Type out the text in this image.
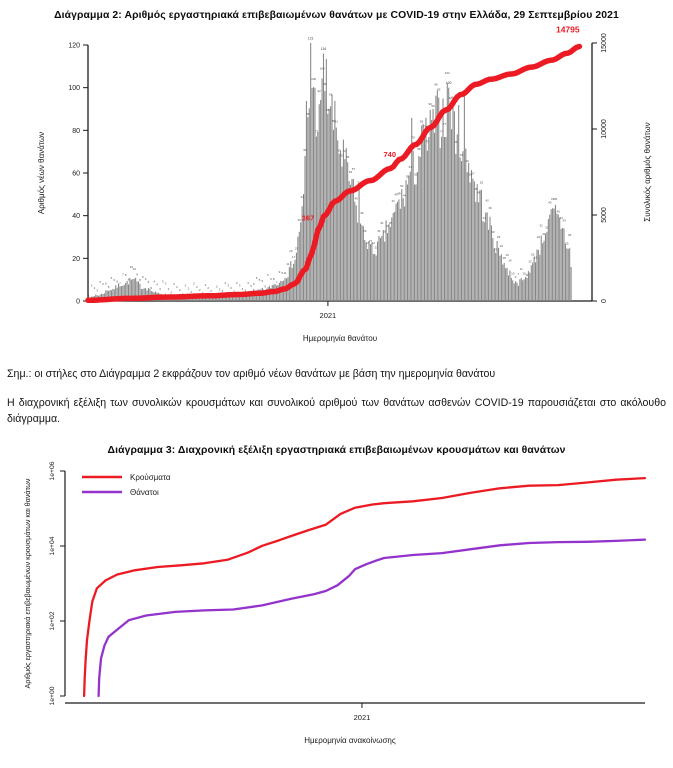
Διάγραμμα 2: Αριθμός εργαστηριακά επιβεβαιωμένων θανάτων με COVID-19 στην Ελλάδα, 29 Σεπτεμβρίου 2021
0
20
40
60
80
100
120
Αριθμός νέων θανάτων
2021
Ημερομηνία θανάτου
0
5000
10000
15000
Συνολικός αριθμός θανάτων
1
2
2
3
3
3 5
5
5 6 6 7
7 8
8
10 10
9
8
6
6
6
5
4
4
3
3 3
2
2
2
2
2
2
2
2
2
2
2
2
2
2
2
2
2
2
2 2
2
3
3
2
3
3
3 3
3
3 6
5 5 6
5
6
6 8
7
9 9 11
11
19
17
23
32
44
68
86
121
100
77
92
104
116
98
88
91
80 81
69
63
67
65
54
57
45
54
36
29
24 27 22
21
31
31
28
32
35
41
46 48
52
44
55
61
70
55
68
82
76
70
90
90
96
95
77
77
102
100
92 94
69
92
66
96
60
56 57
46
46
52
37
42
39
30
23
25
22
18
16
14
10
9
7
11
10 11
13
18
18
24
31
28
32
40
43 45
40
34
34
25
25
367
740
14795
Σημ.: οι στήλες στο Διάγραμμα 2 εκφράζουν τον αριθμό νέων θανάτων με βάση την ημερομηνία θανάτου
Η διαχρονική εξέλιξη των συνολικών κρουσμάτων και συνολικού αριθμού των θανάτων ασθενών COVID-19 παρουσιάζεται στο ακόλουθο διάγραμμα.
Διάγραμμα 3: Διαχρονική εξέλιξη εργαστηριακά επιβεβαιωμένων κρουσμάτων και θανάτων
1e+00
1e+02
1e+04
1e+06
Αριθμός εργαστηριακά επιβεβαιωμένων κρουσμάτων και θανάτων
2021
Ημερομηνία ανακοίνωσης
Κρούσματα
Θάνατοι
